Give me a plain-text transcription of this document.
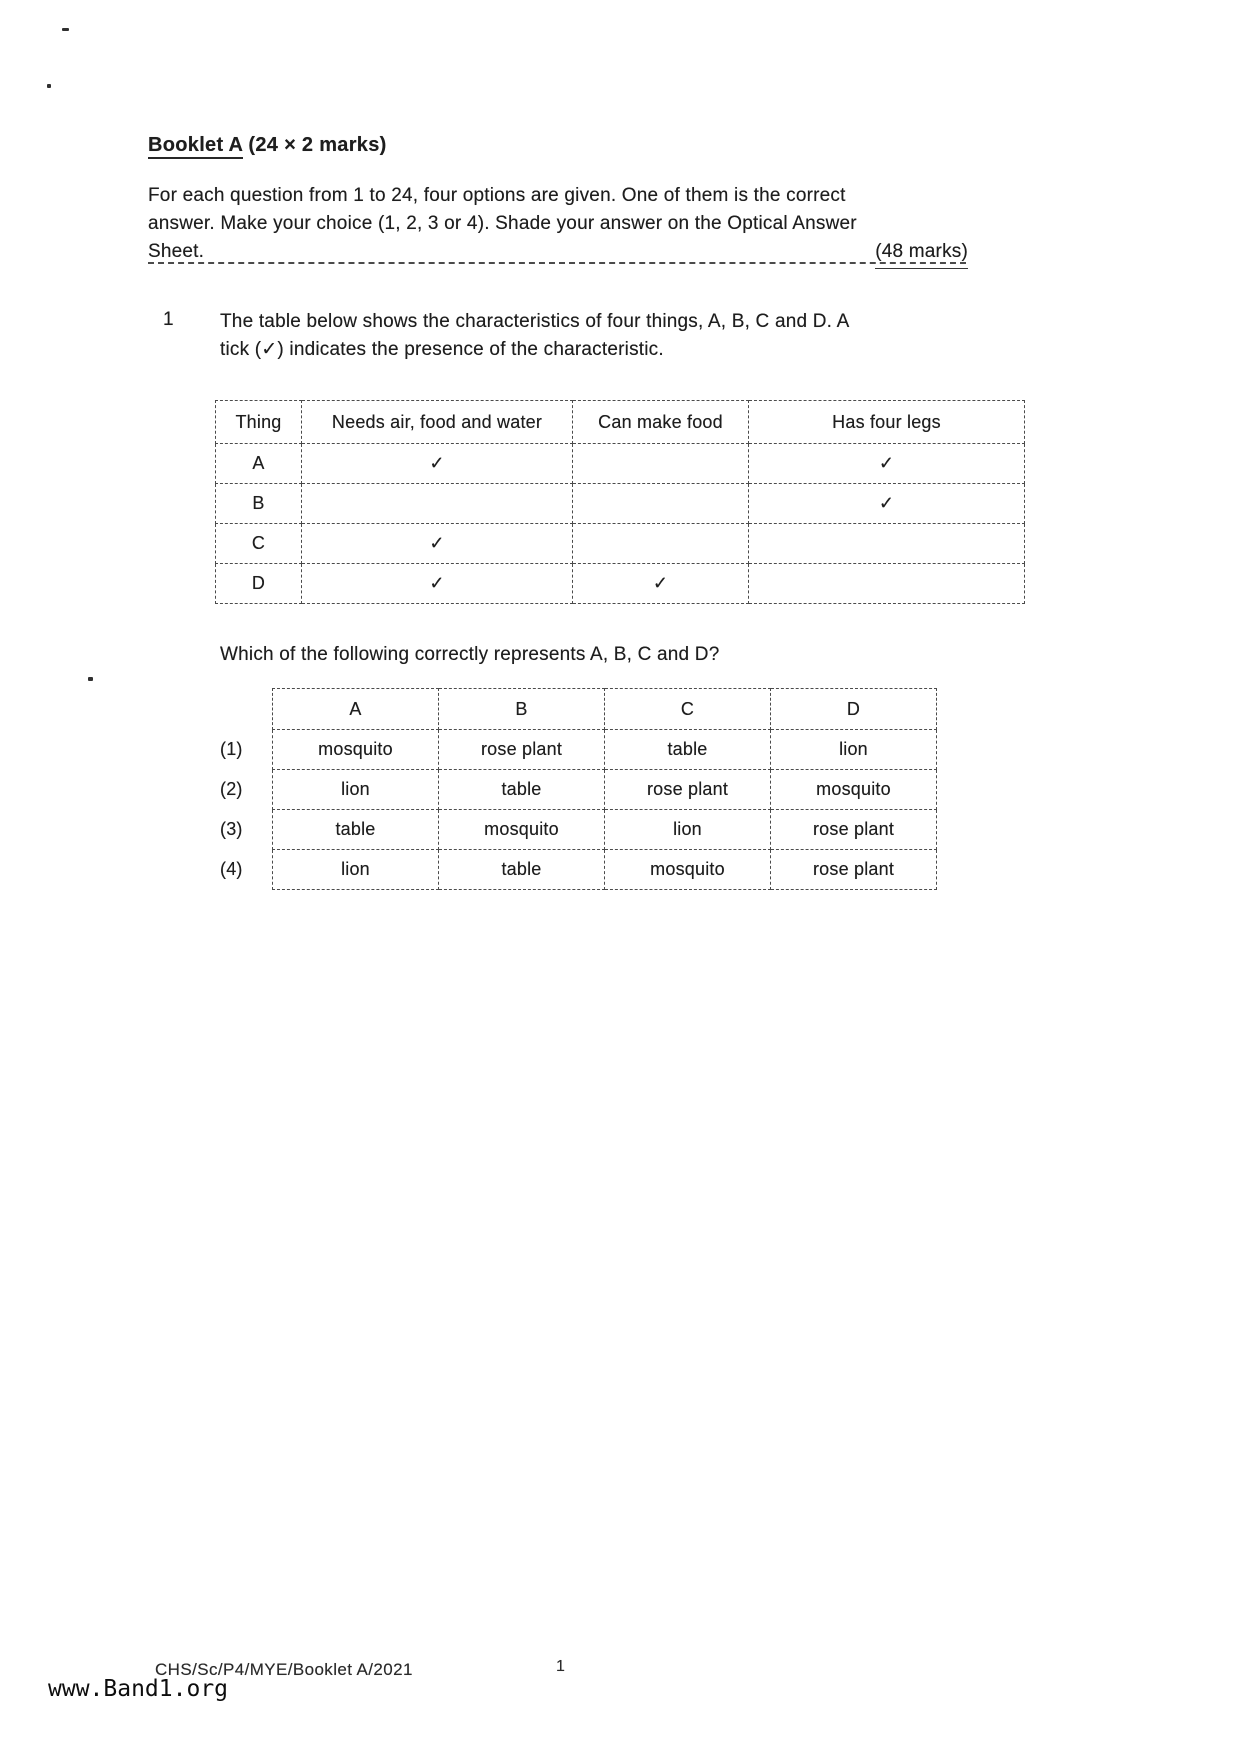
Booklet A (24 × 2 marks)
For each question from 1 to 24, four options are given. One of them is the correct
answer. Make your choice (1, 2, 3 or 4). Shade your answer on the Optical Answer
Sheet.	(48 marks)
1 The table below shows the characteristics of four things, A, B, C and D. A
tick (✓) indicates the presence of the characteristic.
Thing	Needs air, food and water	Can make food	Has four legs
A	✓		✓
B			✓
C	✓		
D	✓	✓	
Which of the following correctly represents A, B, C and D?
	A	B	C	D
(1)	mosquito	rose plant	table	lion
(2)	lion	table	rose plant	mosquito
(3)	table	mosquito	lion	rose plant
(4)	lion	table	mosquito	rose plant
CHS/Sc/P4/MYE/Booklet A/2021	1
www.Band1.org
